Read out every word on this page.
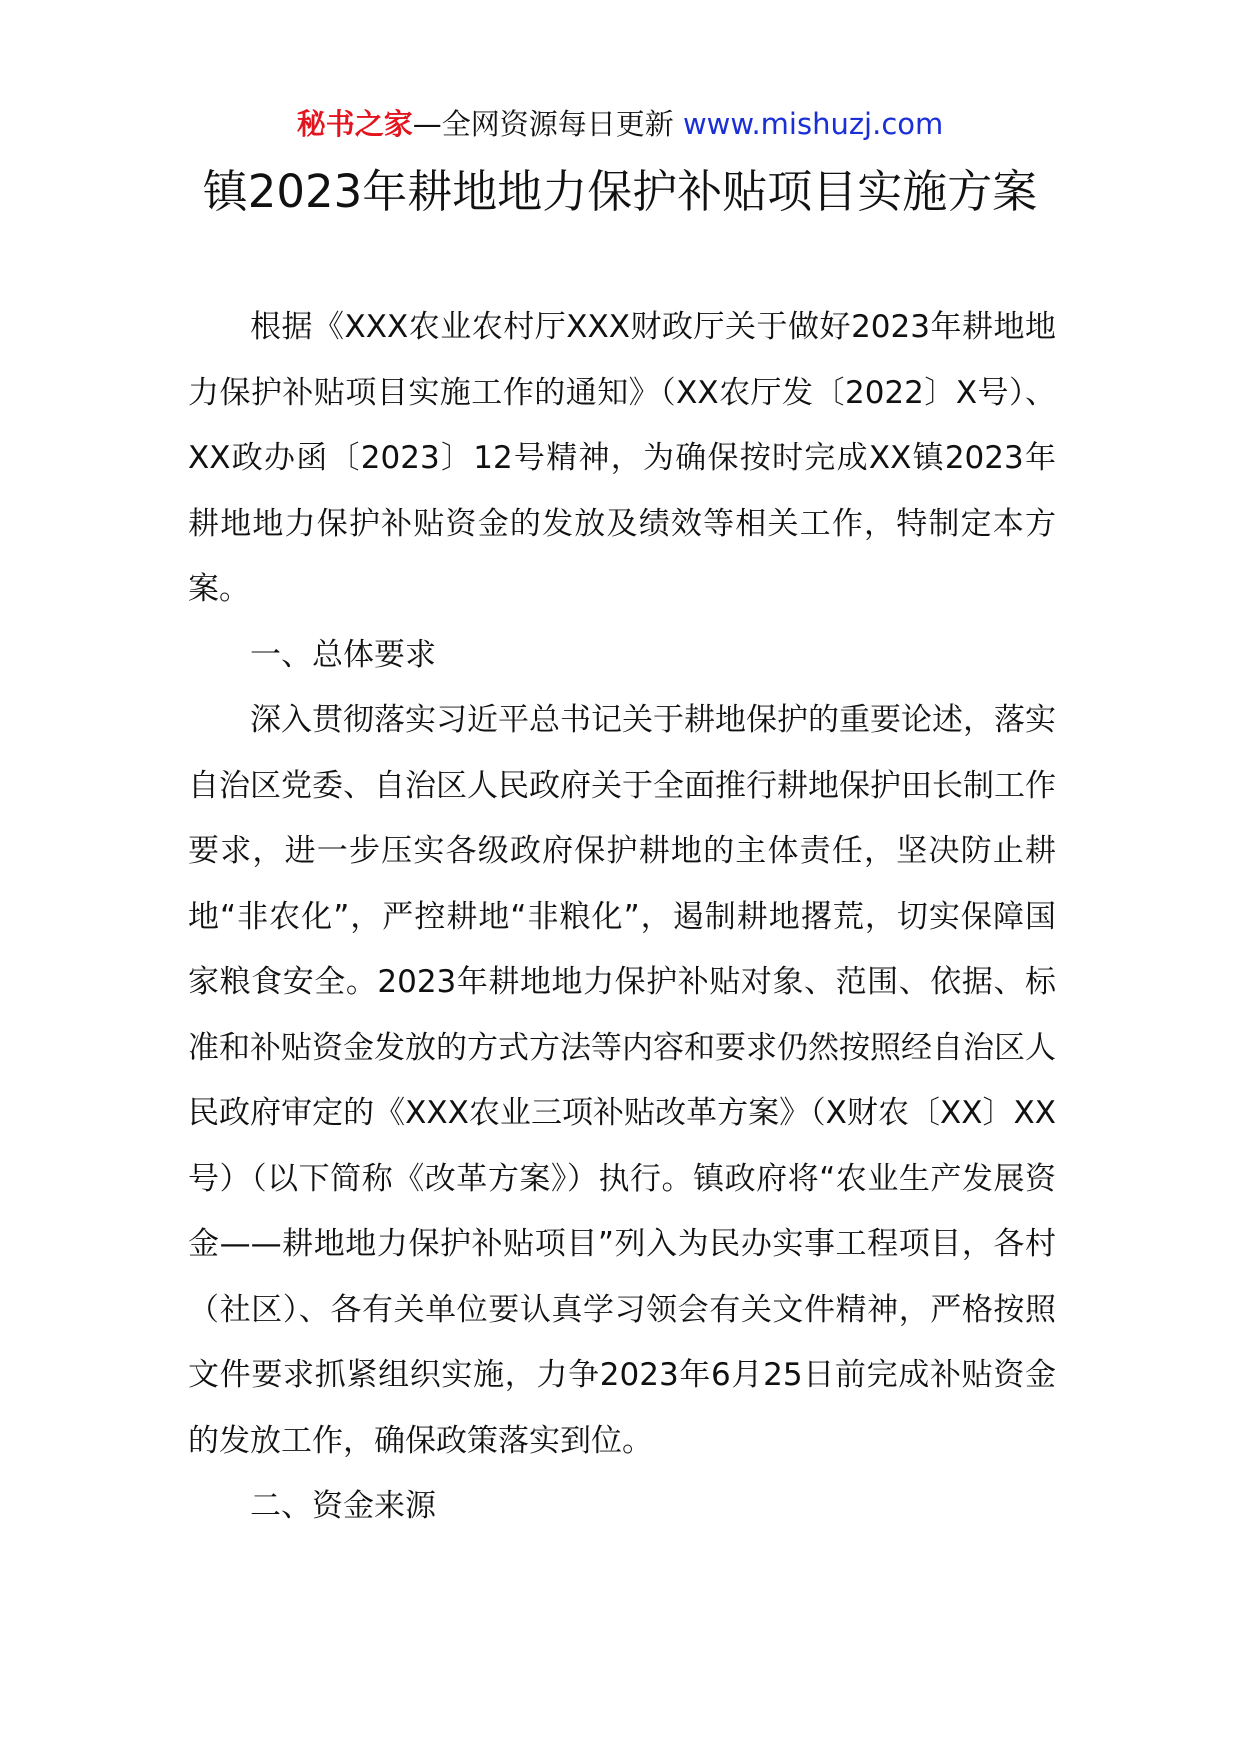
秘书之家—全网资源每日更新 www.mishuzj.com
镇2023年耕地地力保护补贴项目实施方案

根据《XXX农业农村厅XXX财政厅关于做好2023年耕地地力保护补贴项目实施工作的通知》（XX农厅发〔2022〕X号）、XX政办函〔2023〕12号精神，为确保按时完成XX镇2023年耕地地力保护补贴资金的发放及绩效等相关工作，特制定本方案。

一、总体要求

深入贯彻落实习近平总书记关于耕地保护的重要论述，落实自治区党委、自治区人民政府关于全面推行耕地保护田长制工作要求，进一步压实各级政府保护耕地的主体责任，坚决防止耕地“非农化”，严控耕地“非粮化”，遏制耕地撂荒，切实保障国家粮食安全。2023年耕地地力保护补贴对象、范围、依据、标准和补贴资金发放的方式方法等内容和要求仍然按照经自治区人民政府审定的《XXX农业三项补贴改革方案》（X财农〔XX〕XX号）（以下简称《改革方案》）执行。镇政府将“农业生产发展资金——耕地地力保护补贴项目”列入为民办实事工程项目，各村（社区）、各有关单位要认真学习领会有关文件精神，严格按照文件要求抓紧组织实施，力争2023年6月25日前完成补贴资金的发放工作，确保政策落实到位。

二、资金来源
